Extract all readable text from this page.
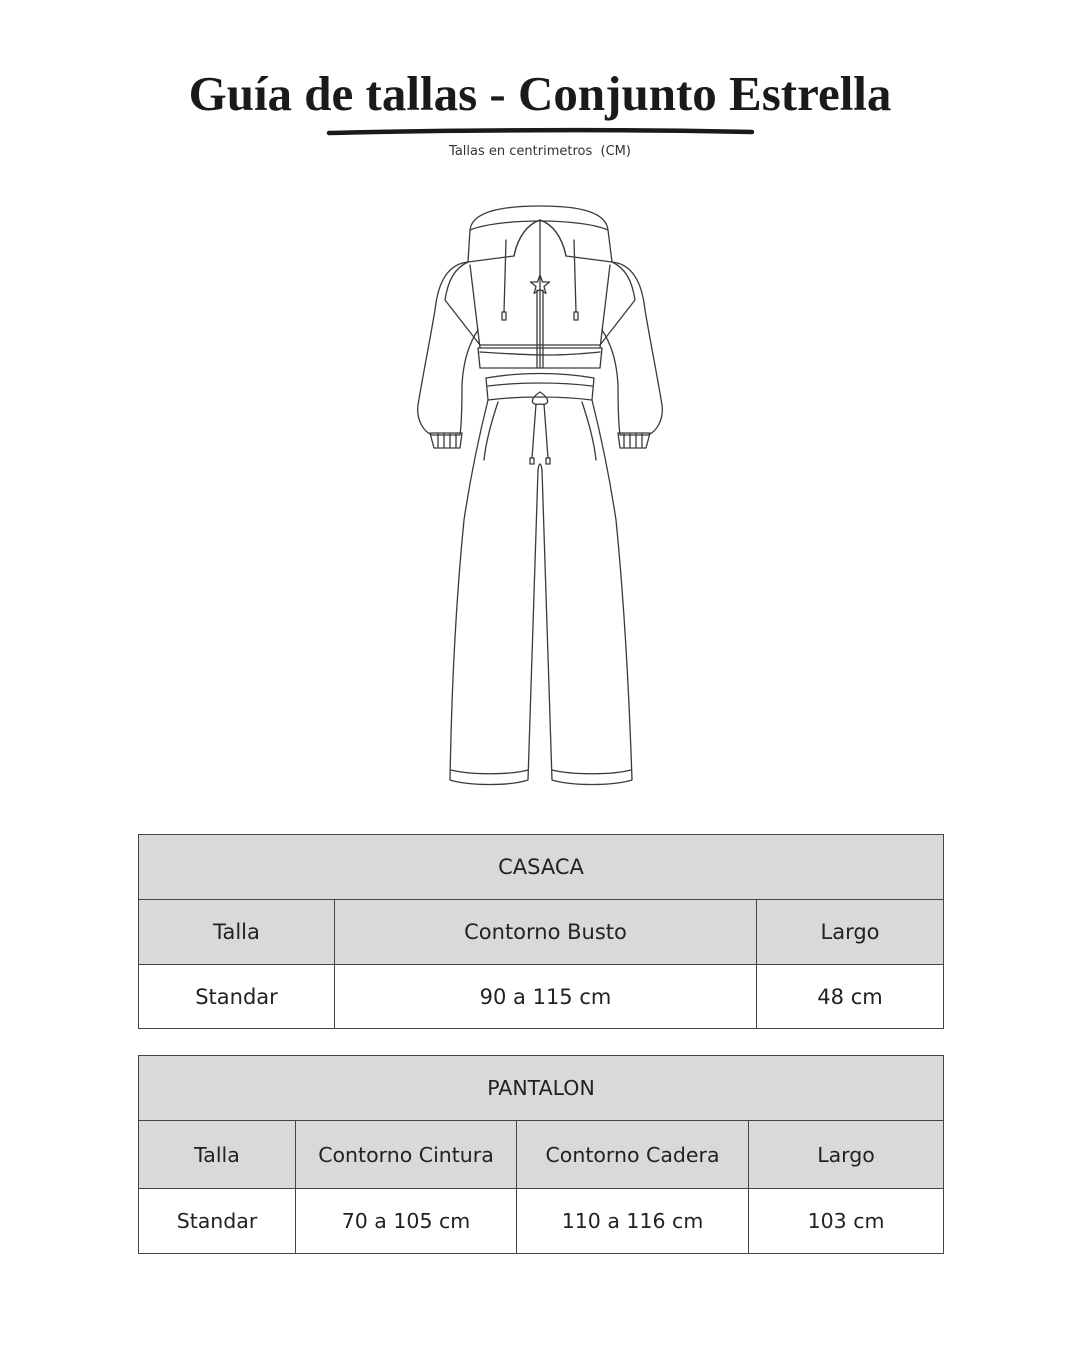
Guía de tallas - Conjunto Estrella
Tallas en centrimetros  (CM)
CASACA		
Talla	Contorno Busto	Largo
Standar	90 a 115 cm	48 cm
PANTALON			
Talla	Contorno Cintura	Contorno Cadera	Largo
Standar	70 a 105 cm	110 a 116 cm	103 cm
